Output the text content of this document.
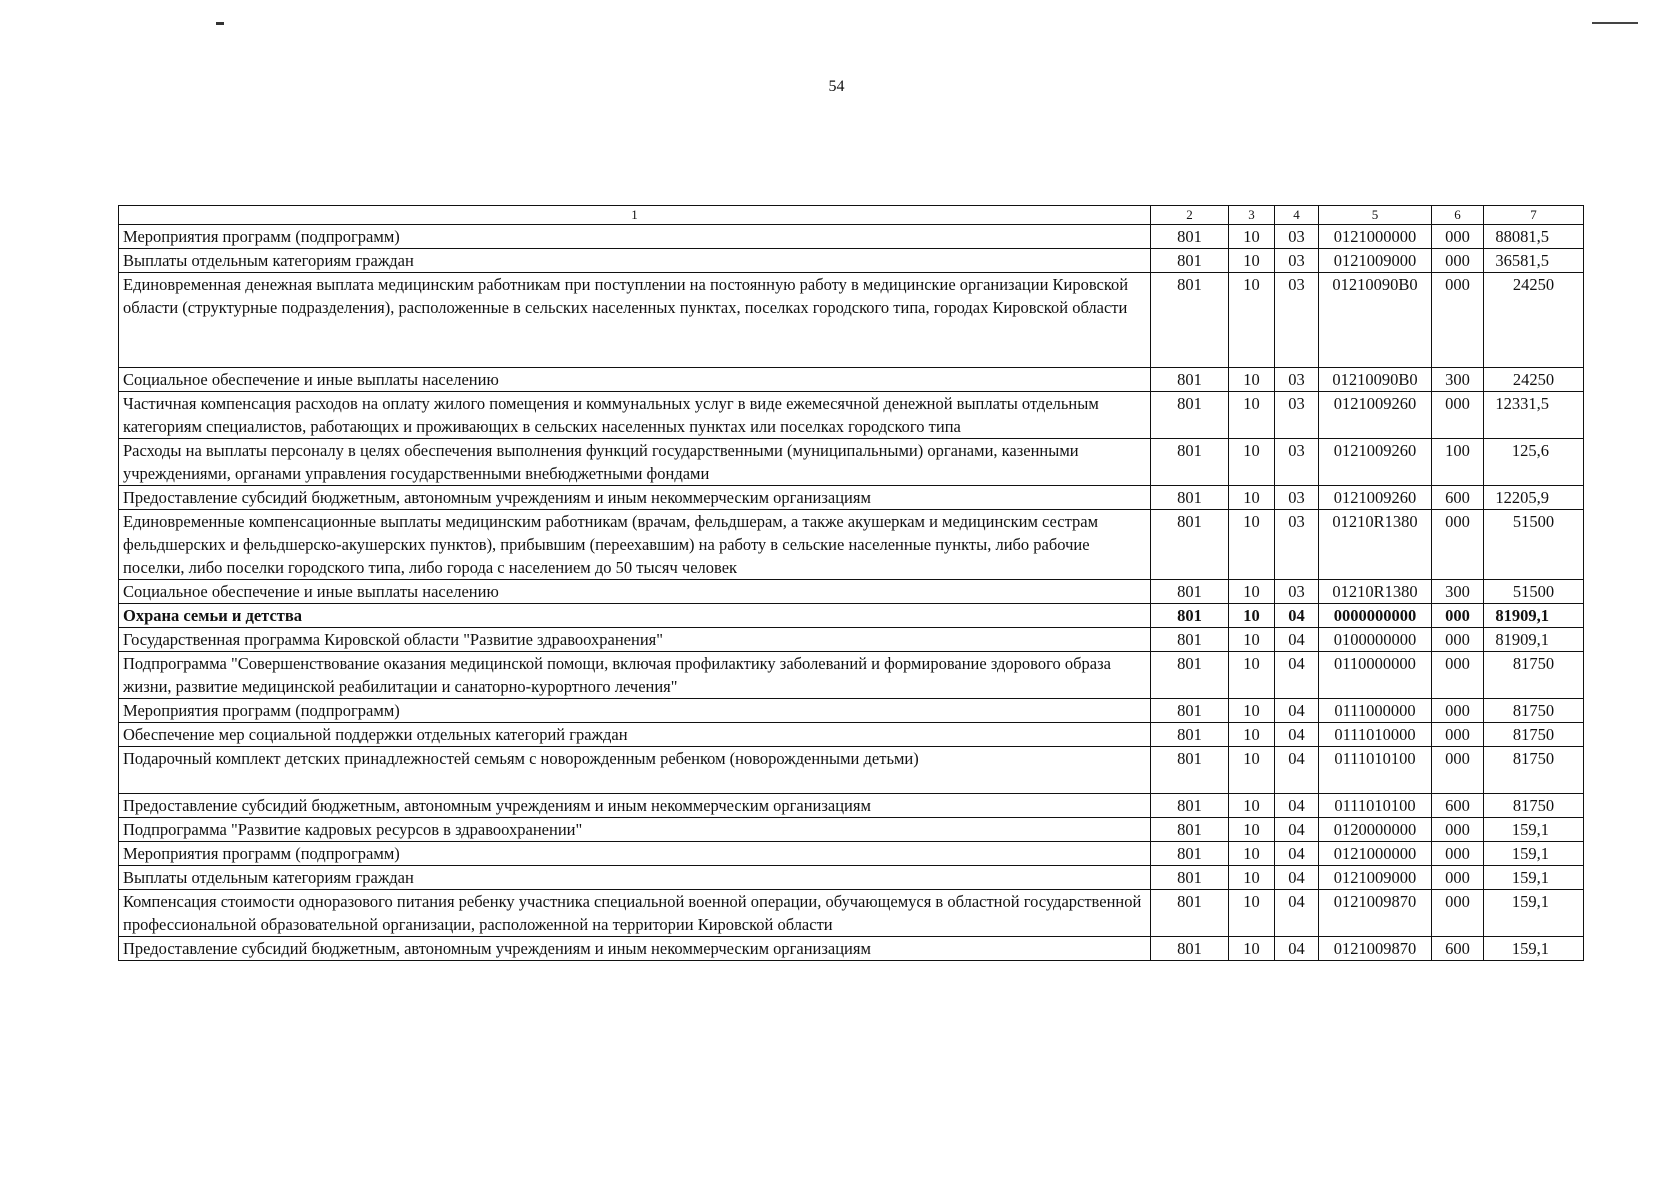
54
1	2	3	4	5	6	7
Мероприятия программ (подпрограмм)	801	10	03	0121000000	000	88081,5
Выплаты отдельным категориям граждан	801	10	03	0121009000	000	36581,5
Единовременная денежная выплата медицинским работникам при поступлении на постоянную работу в медицинские организации Кировской области (структурные подразделения), расположенные в сельских населенных пунктах, поселках городского типа, городах Кировской области	801	10	03	01210090B0	000	24250
Социальное обеспечение и иные выплаты населению	801	10	03	01210090B0	300	24250
Частичная компенсация расходов на оплату жилого помещения и коммунальных услуг в виде ежемесячной денежной выплаты отдельным категориям специалистов, работающих и проживающих в сельских населенных пунктах или поселках городского типа	801	10	03	0121009260	000	12331,5
Расходы на выплаты персоналу в целях обеспечения выполнения функций государственными (муниципальными) органами, казенными учреждениями, органами управления государственными внебюджетными фондами	801	10	03	0121009260	100	125,6
Предоставление субсидий бюджетным, автономным учреждениям и иным некоммерческим организациям	801	10	03	0121009260	600	12205,9
Единовременные компенсационные выплаты медицинским работникам (врачам, фельдшерам, а также акушеркам и медицинским сестрам фельдшерских и фельдшерско-акушерских пунктов), прибывшим (переехавшим) на работу в сельские населенные пункты, либо рабочие поселки, либо поселки городского типа, либо города с населением до 50 тысяч человек	801	10	03	01210R1380	000	51500
Социальное обеспечение и иные выплаты населению	801	10	03	01210R1380	300	51500
Охрана семьи и детства	801	10	04	0000000000	000	81909,1
Государственная программа Кировской области "Развитие здравоохранения"	801	10	04	0100000000	000	81909,1
Подпрограмма "Совершенствование оказания медицинской помощи, включая профилактику заболеваний и формирование здорового образа жизни, развитие медицинской реабилитации и санаторно-курортного лечения"	801	10	04	0110000000	000	81750
Мероприятия программ (подпрограмм)	801	10	04	0111000000	000	81750
Обеспечение мер социальной поддержки отдельных категорий граждан	801	10	04	0111010000	000	81750
Подарочный комплект детских принадлежностей семьям с новорожденным ребенком (новорожденными детьми)	801	10	04	0111010100	000	81750
Предоставление субсидий бюджетным, автономным учреждениям и иным некоммерческим организациям	801	10	04	0111010100	600	81750
Подпрограмма "Развитие кадровых ресурсов в здравоохранении"	801	10	04	0120000000	000	159,1
Мероприятия программ (подпрограмм)	801	10	04	0121000000	000	159,1
Выплаты отдельным категориям граждан	801	10	04	0121009000	000	159,1
Компенсация стоимости одноразового питания ребенку участника специальной военной операции, обучающемуся в областной государственной профессиональной образовательной организации, расположенной на территории Кировской области	801	10	04	0121009870	000	159,1
Предоставление субсидий бюджетным, автономным учреждениям и иным некоммерческим организациям	801	10	04	0121009870	600	159,1
